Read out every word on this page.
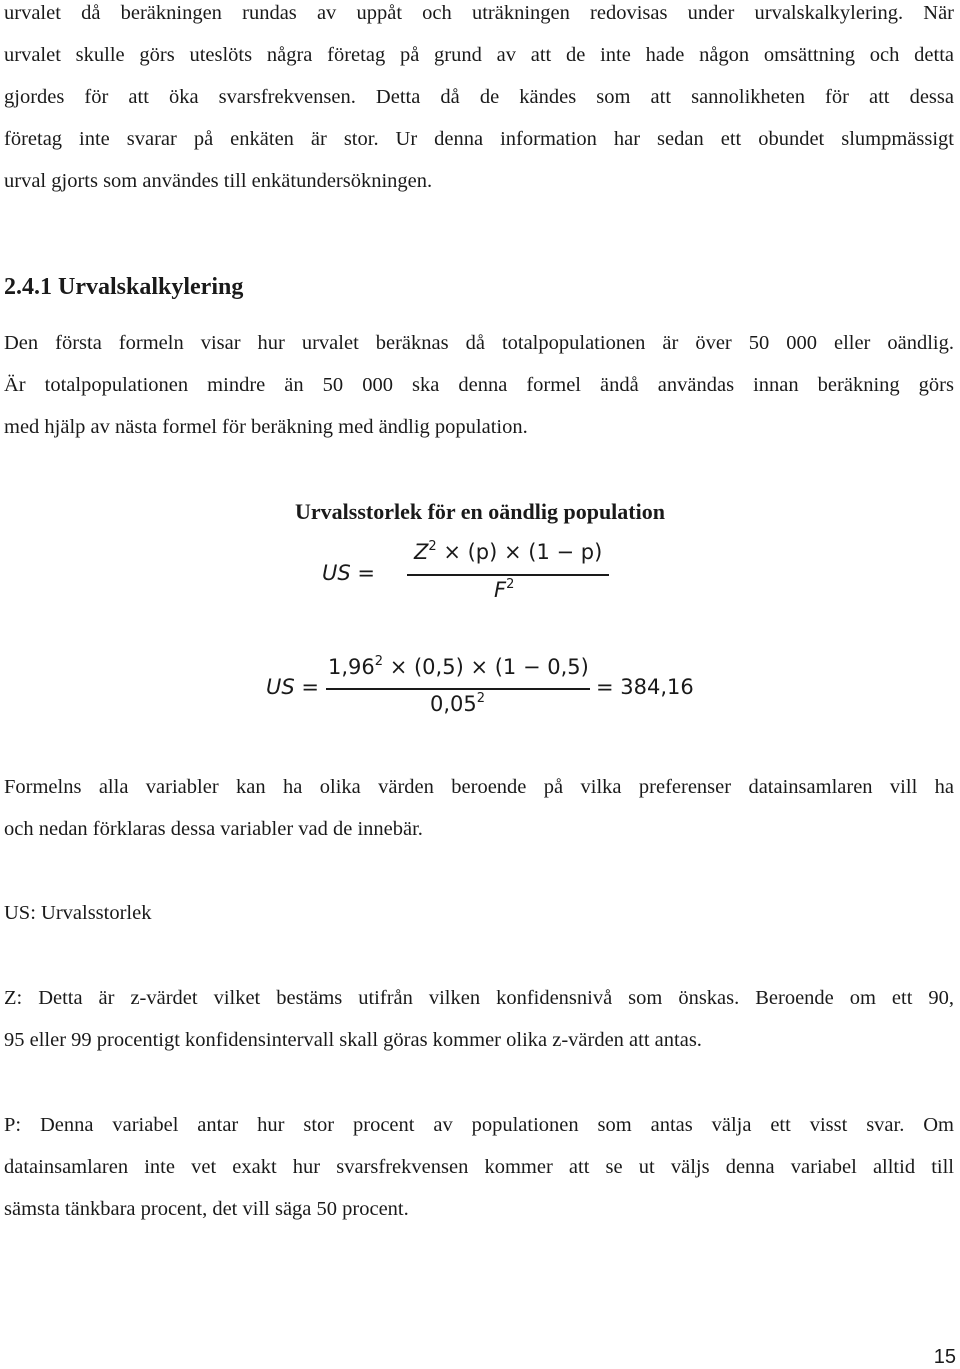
urvalet då beräkningen rundas av uppåt och uträkningen redovisas under urvalskalkylering. När
urvalet skulle görs uteslöts några företag på grund av att de inte hade någon omsättning och detta
gjordes för att öka svarsfrekvensen. Detta då de kändes som att sannolikheten för att dessa
företag inte svarar på enkäten är stor. Ur denna information har sedan ett obundet slumpmässigt
urval gjorts som användes till enkätundersökningen.
2.4.1 Urvalskalkylering
Den första formeln visar hur urvalet beräknas då totalpopulationen är över 50 000 eller oändlig.
Är totalpopulationen mindre än 50 000 ska denna formel ändå användas innan beräkning görs
med hjälp av nästa formel för beräkning med ändlig population.
Urvalsstorlek för en oändlig population
US =
$Z^2 \times (p) \times (1 - p)$
$F^2$
US =
$1,96^2 \times (0,5) \times (1 - 0,5)$
$0,05^2$	= 384,16
Formelns alla variabler kan ha olika värden beroende på vilka preferenser datainsamlaren vill ha
och nedan förklaras dessa variabler vad de innebär.
US: Urvalsstorlek
Z: Detta är z-värdet vilket bestäms utifrån vilken konfidensnivå som önskas. Beroende om ett 90,
95 eller 99 procentigt konfidensintervall skall göras kommer olika z-värden att antas.
P: Denna variabel antar hur stor procent av populationen som antas välja ett visst svar. Om
datainsamlaren inte vet exakt hur svarsfrekvensen kommer att se ut väljs denna variabel alltid till
sämsta tänkbara procent, det vill säga 50 procent.
15
